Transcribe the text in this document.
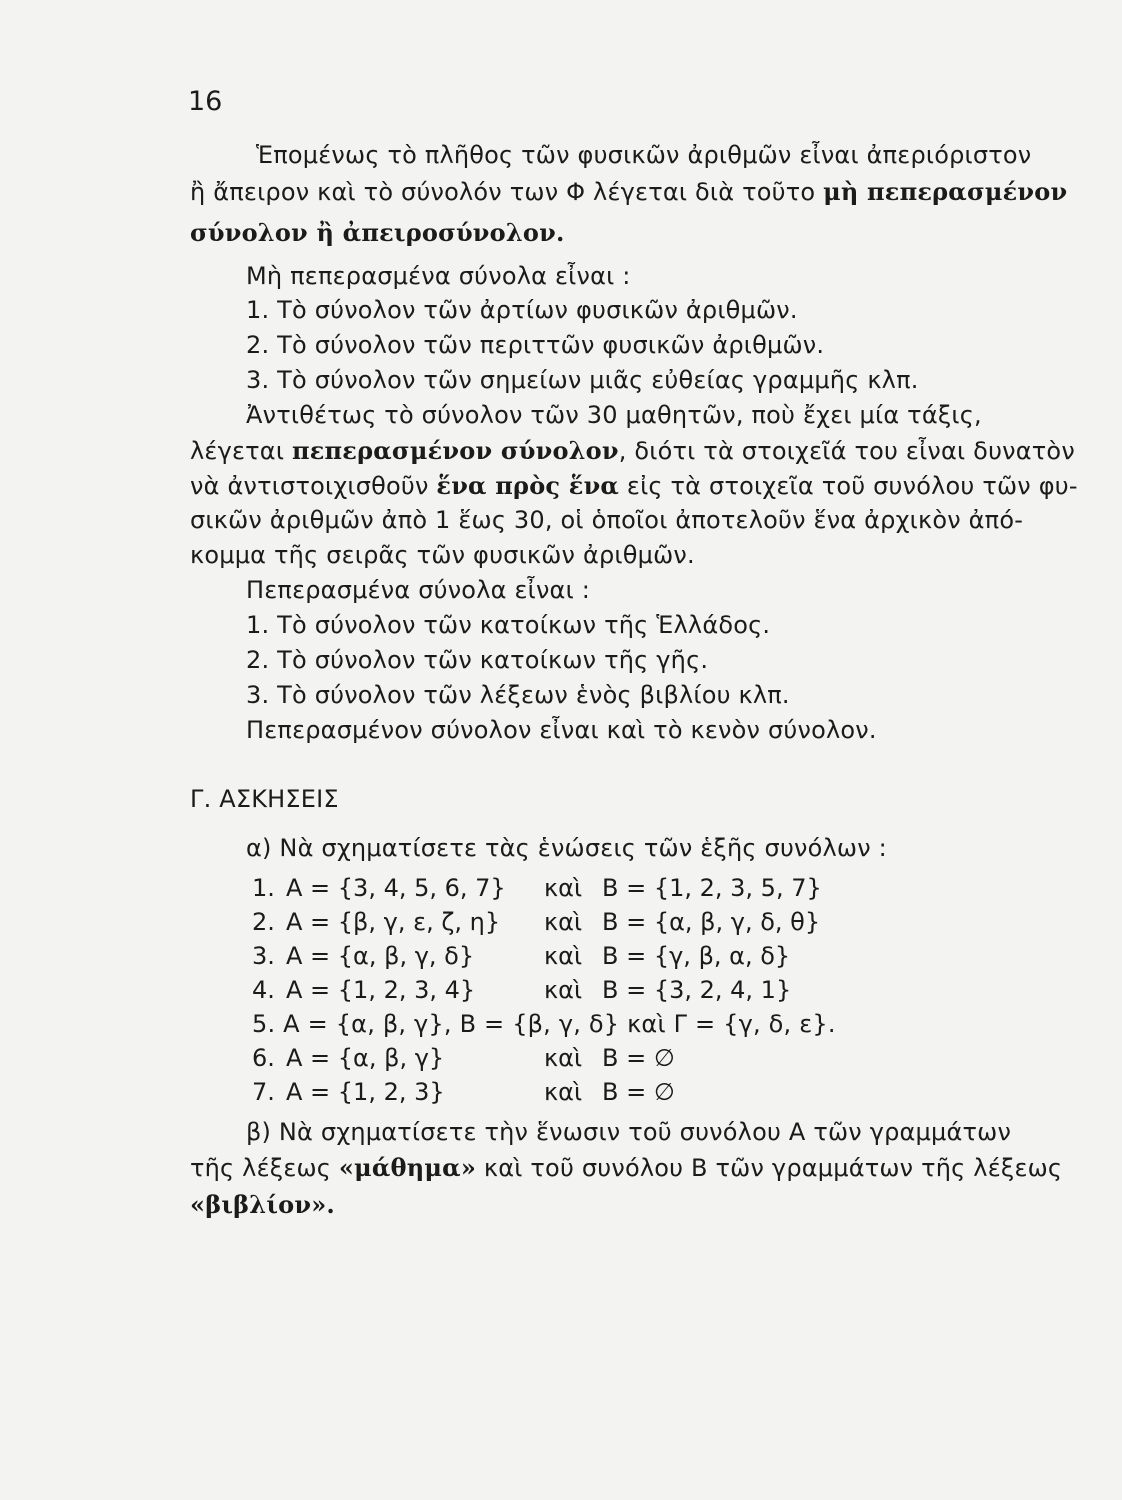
16
Ἑπομένως τὸ πλῆθος τῶν φυσικῶν ἀριθμῶν εἶναι ἀπεριόριστον
ἢ ἄπειρον καὶ τὸ σύνολόν των Φ λέγεται διὰ τοῦτο μὴ πεπερασμένον
σύνολον ἢ ἀπειροσύνολον.
Μὴ πεπερασμένα σύνολα εἶναι :
1. Τὸ σύνολον τῶν ἀρτίων φυσικῶν ἀριθμῶν.
2. Τὸ σύνολον τῶν περιττῶν φυσικῶν ἀριθμῶν.
3. Τὸ σύνολον τῶν σημείων μιᾶς εὐθείας γραμμῆς κλπ.
Ἀντιθέτως τὸ σύνολον τῶν 30 μαθητῶν, ποὺ ἔχει μία τάξις,
λέγεται πεπερασμένον σύνολον, διότι τὰ στοιχεῖά του εἶναι δυνατὸν
νὰ ἀντιστοιχισθοῦν ἕνα πρὸς ἕνα εἰς τὰ στοιχεῖα τοῦ συνόλου τῶν φυ-
σικῶν ἀριθμῶν ἀπὸ 1 ἕως 30, οἱ ὁποῖοι ἀποτελοῦν ἕνα ἀρχικὸν ἀπό-
κομμα τῆς σειρᾶς τῶν φυσικῶν ἀριθμῶν.
Πεπερασμένα σύνολα εἶναι :
1. Τὸ σύνολον τῶν κατοίκων τῆς Ἑλλάδος.
2. Τὸ σύνολον τῶν κατοίκων τῆς γῆς.
3. Τὸ σύνολον τῶν λέξεων ἑνὸς βιβλίου κλπ.
Πεπερασμένον σύνολον εἶναι καὶ τὸ κενὸν σύνολον.
Γ. ΑΣΚΗΣΕΙΣ
α) Νὰ σχηματίσετε τὰς ἑνώσεις τῶν ἑξῆς συνόλων :
1. A = {3, 4, 5, 6, 7} καὶ B = {1, 2, 3, 5, 7}
2. A = {β, γ, ε, ζ, η} καὶ B = {α, β, γ, δ, θ}
3. A = {α, β, γ, δ}	καὶ B = {γ, β, α, δ}
4. A = {1, 2, 3, 4}	καὶ B = {3, 2, 4, 1}
5. A = {α, β, γ}, B = {β, γ, δ} καὶ Γ = {γ, δ, ε}.
6. A = {α, β, γ}	καὶ B = ∅
7. A = {1, 2, 3}	καὶ B = ∅
β) Νὰ σχηματίσετε τὴν ἕνωσιν τοῦ συνόλου A τῶν γραμμάτων
τῆς λέξεως «μάθημα» καὶ τοῦ συνόλου B τῶν γραμμάτων τῆς λέξεως
«βιβλίον».
